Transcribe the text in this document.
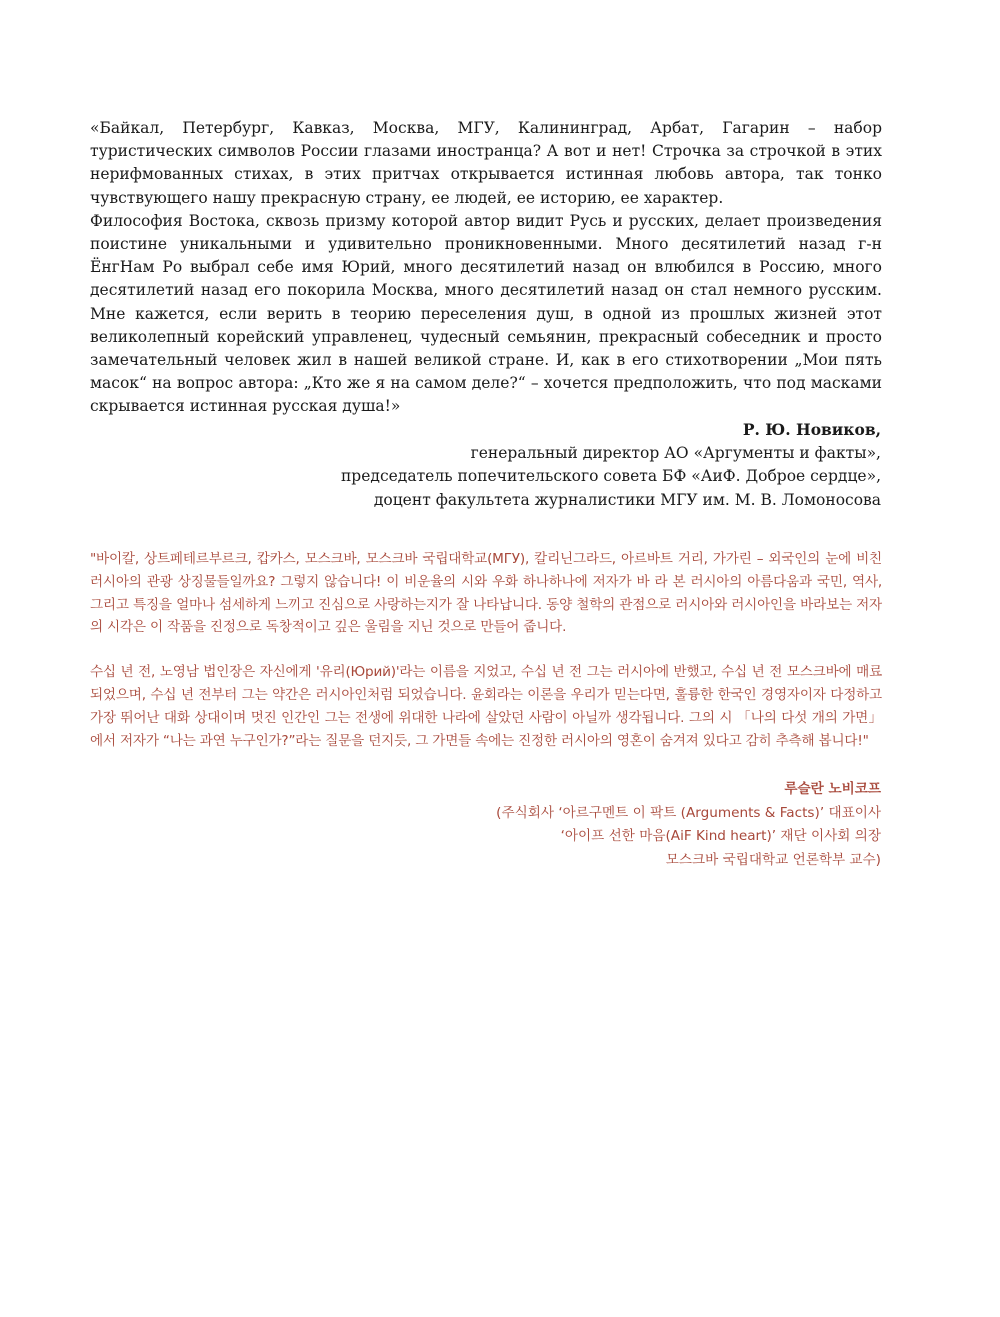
«Байкал, Петербург, Кавказ, Москва, МГУ, Калининград, Арбат, Гагарин – набор туристических символов России глазами иностранца? А вот и нет! Строчка за строчкой в этих нерифмованных стихах, в этих притчах открывается истинная любовь автора, так тонко чувствующего нашу прекрасную страну, ее людей, ее историю, ее характер.

Философия Востока, сквозь призму которой автор видит Русь и русских, делает произведения поистине уникальными и удивительно проникновенными. Много десятилетий назад г-н ЁнгНам Ро выбрал себе имя Юрий, много десятилетий назад он влюбился в Россию, много десятилетий назад его покорила Москва, много десятилетий назад он стал немного русским. Мне кажется, если верить в теорию переселения душ, в одной из прошлых жизней этот великолепный корейский управленец, чудесный семьянин, прекрасный собеседник и просто замечательный человек жил в нашей великой стране. И, как в его стихотворении „Мои пять масок“ на вопрос автора: „Кто же я на самом деле?“ – хочется предположить, что под масками скрывается истинная русская душа!»

Р. Ю. Новиков,
генеральный директор АО «Аргументы и факты»,
председатель попечительского совета БФ «АиФ. Доброе сердце»,
доцент факультета журналистики МГУ им. М. В. Ломоносова

"바이칼, 상트페테르부르크, 캅카스, 모스크바, 모스크바 국립대학교(МГУ), 칼리닌그라드, 아르바트 거리, 가가린 – 외국인의 눈에 비친 러시아의 관광 상징물들일까요? 그렇지 않습니다! 이 비운율의 시와 우화 하나하나에 저자가 바 라 본 러시아의 아름다움과 국민, 역사, 그리고 특징을 얼마나 섬세하게 느끼고 진심으로 사랑하는지가 잘 나타납니다. 동양 철학의 관점으로 러시아와 러시아인을 바라보는 저자의 시각은 이 작품을 진정으로 독창적이고 깊은 울림을 지닌 것으로 만들어 줍니다.

수십 년 전, 노영남 법인장은 자신에게 '유리(Юрий)'라는 이름을 지었고, 수십 년 전 그는 러시아에 반했고, 수십 년 전 모스크바에 매료되었으며, 수십 년 전부터 그는 약간은 러시아인처럼 되었습니다. 윤회라는 이론을 우리가 믿는다면, 훌륭한 한국인 경영자이자 다정하고 가장 뛰어난 대화 상대이며 멋진 인간인 그는 전생에 위대한 나라에 살았던 사람이 아닐까 생각됩니다. 그의 시 「나의 다섯 개의 가면」에서 저자가 “나는 과연 누구인가?”라는 질문을 던지듯, 그 가면들 속에는 진정한 러시아의 영혼이 숨겨져 있다고 감히 추측해 봅니다!"

루슬란 노비코프
(주식회사 ‘아르구멘트 이 팍트 (Arguments & Facts)’ 대표이사
‘아이프 선한 마음(AiF Kind heart)’ 재단 이사회 의장
모스크바 국립대학교 언론학부 교수)
